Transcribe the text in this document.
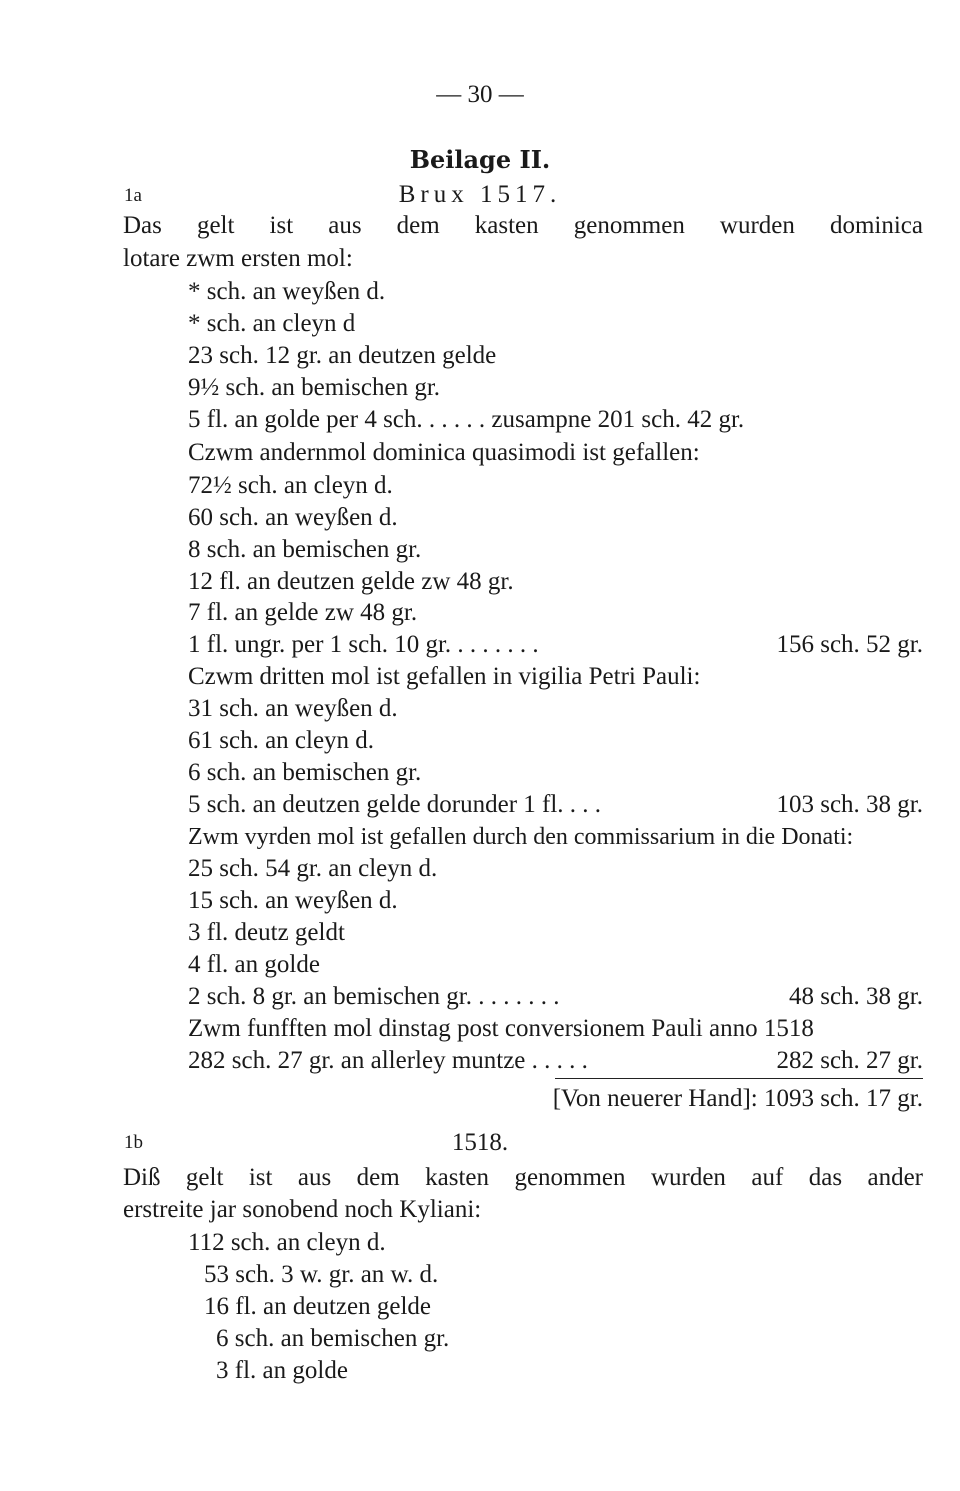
— 30 —
Beilage II.
1a	Brux 1517.
Das gelt ist aus dem kasten genommen wurden dominica
lotare zwm ersten mol:
* sch. an weyßen d.
* sch. an cleyn d
23 sch. 12 gr. an deutzen gelde
9½ sch. an bemischen gr.
5 fl. an golde per 4 sch. . . . . . zusampne 201 sch. 42 gr.
Czwm andernmol dominica quasimodi ist gefallen:
72½ sch. an cleyn d.
60 sch. an weyßen d.
8 sch. an bemischen gr.
12 fl. an deutzen gelde zw 48 gr.
7 fl. an gelde zw 48 gr.
1 fl. ungr. per 1 sch. 10 gr. . . . . . . .	156 sch. 52 gr.
Czwm dritten mol ist gefallen in vigilia Petri Pauli:
31 sch. an weyßen d.
61 sch. an cleyn d.
6 sch. an bemischen gr.
5 sch. an deutzen gelde dorunder 1 fl. . . .	103 sch. 38 gr.
Zwm vyrden mol ist gefallen durch den commissarium in die Donati:
25 sch. 54 gr. an cleyn d.
15 sch. an weyßen d.
3 fl. deutz geldt
4 fl. an golde
2 sch. 8 gr. an bemischen gr. . . . . . . .	48 sch. 38 gr.
Zwm funfften mol dinstag post conversionem Pauli anno 1518
282 sch. 27 gr. an allerley muntze . . . . .	282 sch. 27 gr.
[Von neuerer Hand]: 1093 sch. 17 gr.
1b	1518.
Diß gelt ist aus dem kasten genommen wurden auf das ander
erstreite jar sonobend noch Kyliani:
112 sch. an cleyn d.
53 sch. 3 w. gr. an w. d.
16 fl. an deutzen gelde
6 sch. an bemischen gr.
3 fl. an golde
